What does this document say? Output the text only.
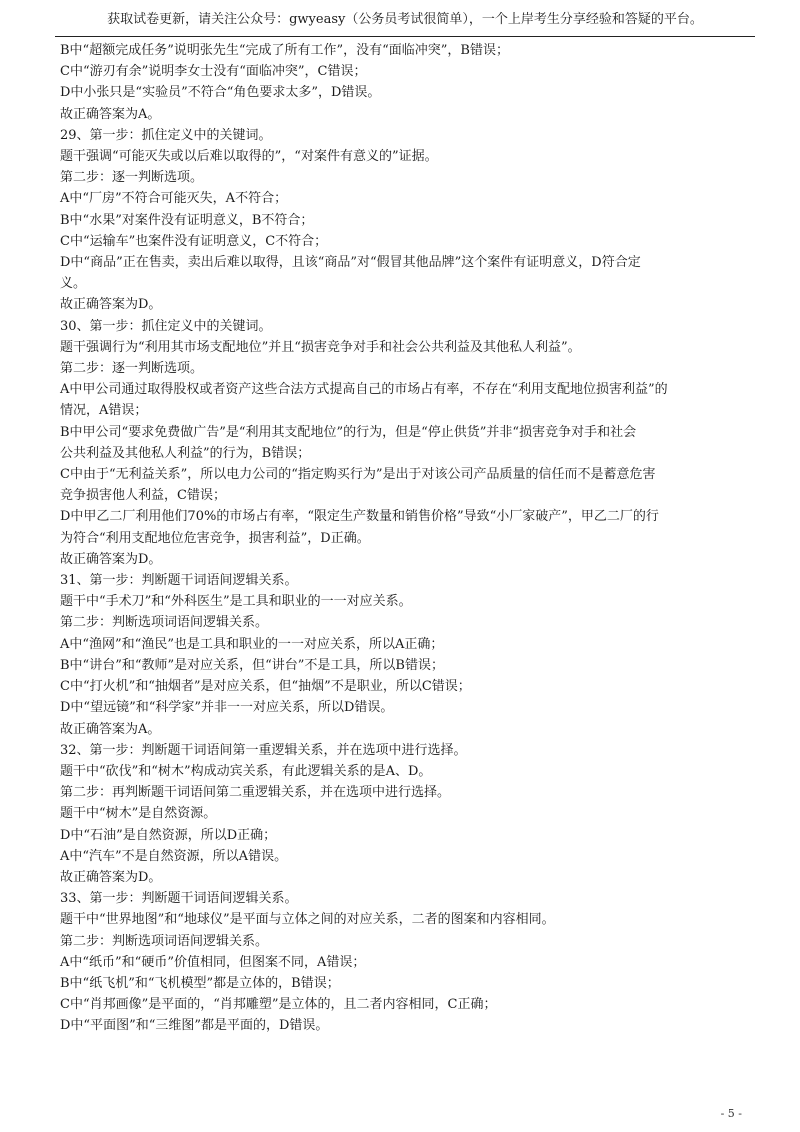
获取试卷更新，请关注公众号：gwyeasy（公务员考试很简单），一个上岸考生分享经验和答疑的平台。

B中“超额完成任务”说明张先生“完成了所有工作”，没有“面临冲突”，B错误；

C中“游刃有余”说明李女士没有“面临冲突”，C错误；

D中小张只是“实验员”不符合“角色要求太多”，D错误。

故正确答案为A。

29、第一步：抓住定义中的关键词。

题干强调“可能灭失或以后难以取得的”，“对案件有意义的”证据。

第二步：逐一判断选项。

A中“厂房”不符合可能灭失，A不符合；

B中“水果”对案件没有证明意义，B不符合；

C中“运输车”也案件没有证明意义，C不符合；

D中“商品”正在售卖，卖出后难以取得，且该“商品”对“假冒其他品牌”这个案件有证明意义，D符合定

义。

故正确答案为D。

30、第一步：抓住定义中的关键词。

题干强调行为“利用其市场支配地位”并且“损害竞争对手和社会公共利益及其他私人利益”。

第二步：逐一判断选项。

A中甲公司通过取得股权或者资产这些合法方式提高自己的市场占有率，不存在“利用支配地位损害利益”的

情况，A错误；

B中甲公司“要求免费做广告”是“利用其支配地位”的行为，但是“停止供货”并非“损害竞争对手和社会

公共利益及其他私人利益”的行为，B错误；

C中由于“无利益关系”，所以电力公司的“指定购买行为”是出于对该公司产品质量的信任而不是蓄意危害

竞争损害他人利益，C错误；

D中甲乙二厂利用他们70%的市场占有率，“限定生产数量和销售价格”导致“小厂家破产”，甲乙二厂的行

为符合“利用支配地位危害竞争，损害利益”，D正确。

故正确答案为D。

31、第一步：判断题干词语间逻辑关系。

题干中“手术刀”和“外科医生”是工具和职业的一一对应关系。

第二步：判断选项词语间逻辑关系。

A中“渔网”和“渔民”也是工具和职业的一一对应关系，所以A正确；

B中“讲台”和“教师”是对应关系，但“讲台”不是工具，所以B错误；

C中“打火机”和“抽烟者”是对应关系，但“抽烟”不是职业，所以C错误；

D中“望远镜”和“科学家”并非一一对应关系，所以D错误。

故正确答案为A。

32、第一步：判断题干词语间第一重逻辑关系，并在选项中进行选择。

题干中“砍伐”和“树木”构成动宾关系，有此逻辑关系的是A、D。

第二步：再判断题干词语间第二重逻辑关系，并在选项中进行选择。

题干中“树木”是自然资源。

D中“石油”是自然资源，所以D正确；

A中“汽车”不是自然资源，所以A错误。

故正确答案为D。

33、第一步：判断题干词语间逻辑关系。

题干中“世界地图”和“地球仪”是平面与立体之间的对应关系，二者的图案和内容相同。

第二步：判断选项词语间逻辑关系。

A中“纸币”和“硬币”价值相同，但图案不同，A错误；

B中“纸飞机”和“飞机模型”都是立体的，B错误；

C中“肖邦画像”是平面的，“肖邦雕塑”是立体的，且二者内容相同，C正确；

D中“平面图”和“三维图”都是平面的，D错误。

- 5 -
